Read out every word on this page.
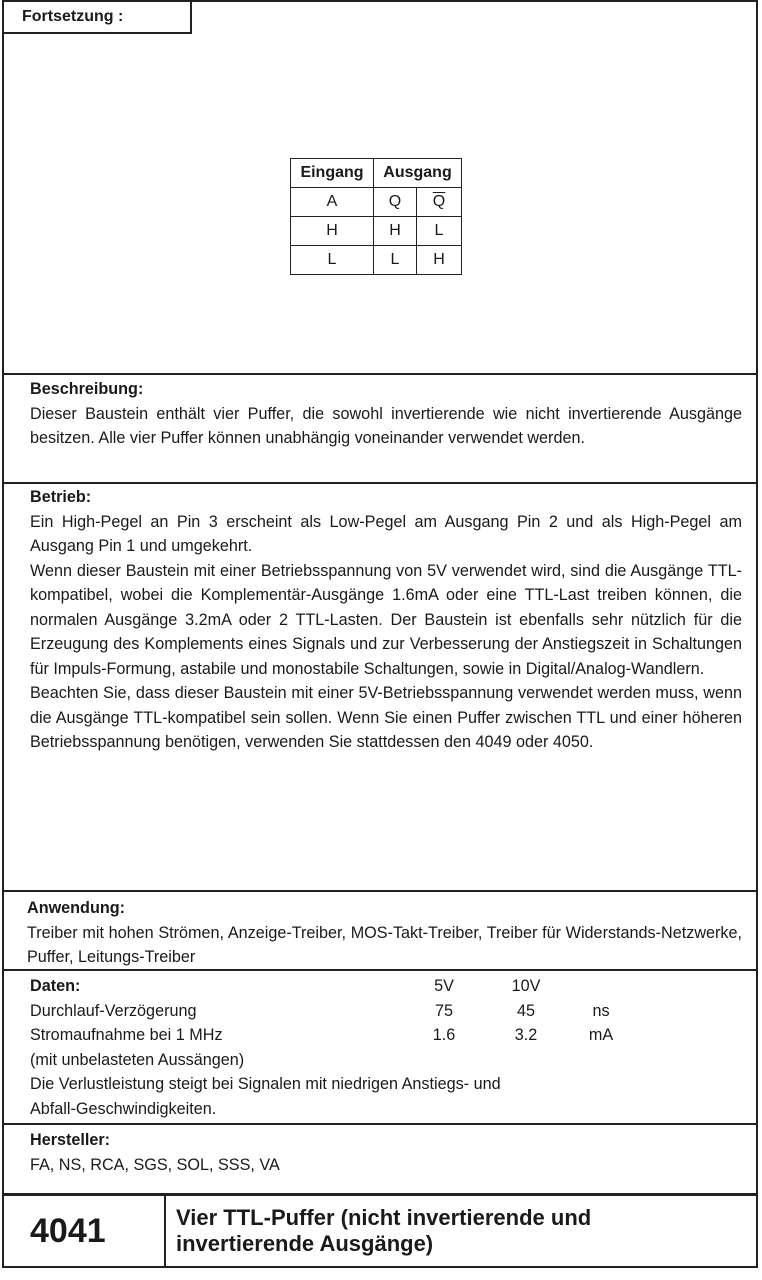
Fortsetzung :
Eingang	Ausgang	
A	Q	$\overline{Q}$
H	H	L
L	L	H
Beschreibung:

Dieser Baustein enthält vier Puffer, die sowohl invertierende wie nicht invertierende Ausgänge besitzen. Alle vier Puffer können unabhängig voneinander verwendet werden.

Betrieb:

Ein High-Pegel an Pin 3 erscheint als Low-Pegel am Ausgang Pin 2 und als High-Pegel am Ausgang Pin 1 und umgekehrt.

Wenn dieser Baustein mit einer Betriebsspannung von 5V verwendet wird, sind die Ausgänge TTL-kompatibel, wobei die Komplementär-Ausgänge 1.6mA oder eine TTL-Last treiben können, die normalen Ausgänge 3.2mA oder 2 TTL-Lasten. Der Baustein ist ebenfalls sehr nützlich für die Erzeugung des Komplements eines Signals und zur Verbesserung der Anstiegszeit in Schaltungen für Impuls-Formung, astabile und monostabile Schaltungen, sowie in Digital/Analog-Wandlern.

Beachten Sie, dass dieser Baustein mit einer 5V-Betriebsspannung verwendet werden muss, wenn die Ausgänge TTL-kompatibel sein sollen. Wenn Sie einen Puffer zwischen TTL und einer höheren Betriebsspannung benötigen, verwenden Sie stattdessen den 4049 oder 4050.

Anwendung:

Treiber mit hohen Strömen, Anzeige-Treiber, MOS-Takt-Treiber, Treiber für Widerstands-Netzwerke, Puffer, Leitungs-Treiber

Daten:	5V	10V
Durchlauf-Verzögerung	75	45	ns
Stromaufnahme bei 1 MHz	1.6	3.2	mA
(mit unbelasteten Aussängen)
Die Verlustleistung steigt bei Signalen mit niedrigen Anstiegs- und
Abfall-Geschwindigkeiten.
Hersteller:

FA, NS, RCA, SGS, SOL, SSS, VA

4041	Vier TTL-Puffer (nicht invertierende und
invertierende Ausgänge)
